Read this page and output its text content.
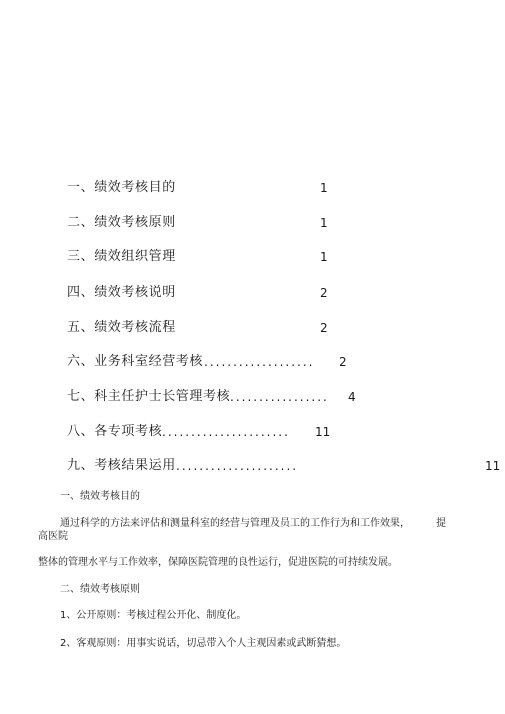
一、绩效考核目的	1
二、绩效考核原则	1
三、绩效组织管理	1
四、绩效考核说明	2
五、绩效考核流程	2
六、业务科室经营考核 ................... 2
七、科主任护士长管理考核 ................. 4
八、各专项考核 ...................... 11
九、考核结果运用 .....................	11
一、绩效考核目的
通过科学的方法来评估和测量科室的经营与管理及员工的工作行为和工作效果，	提
高医院
整体的管理水平与工作效率，保障医院管理的良性运行，促进医院的可持续发展。
二、绩效考核原则
1、公开原则：考核过程公开化、制度化。
2、客观原则：用事实说话，切忌带入个人主观因素或武断猜想。
